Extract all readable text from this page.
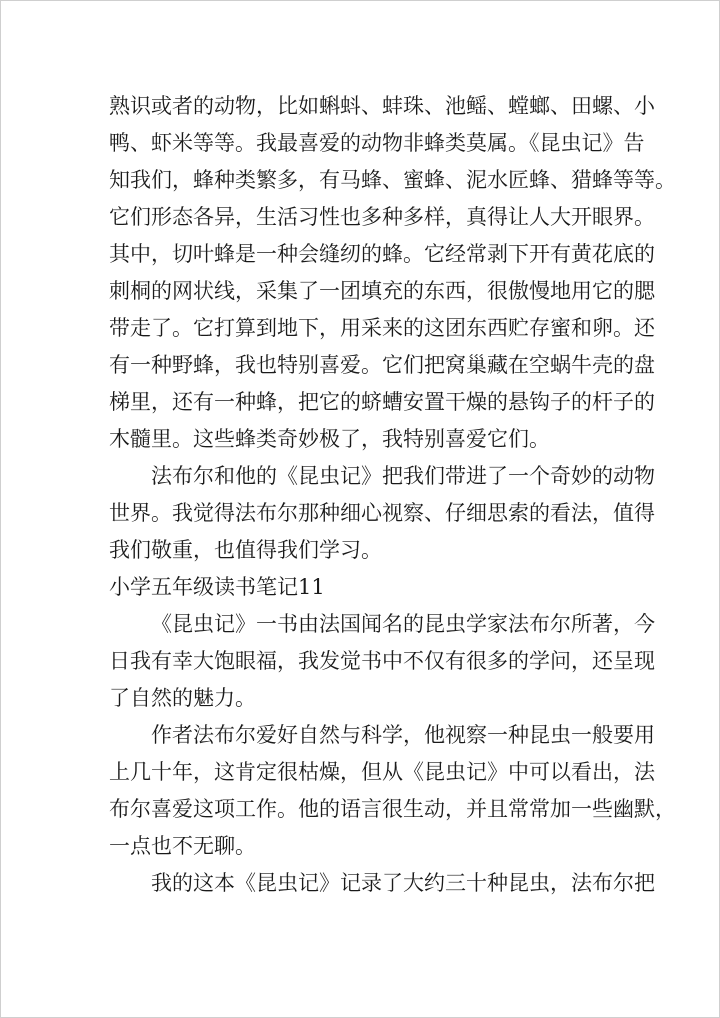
熟识或者的动物，比如蝌蚪、蚌珠、池鳐、螳螂、田螺、小
鸭、虾米等等。我最喜爱的动物非蜂类莫属。《昆虫记》告
知我们，蜂种类繁多，有马蜂、蜜蜂、泥水匠蜂、猎蜂等等。
它们形态各异，生活习性也多种多样，真得让人大开眼界。
其中，切叶蜂是一种会缝纫的蜂。它经常剥下开有黄花底的
刺桐的网状线，采集了一团填充的东西，很傲慢地用它的腮
带走了。它打算到地下，用采来的这团东西贮存蜜和卵。还
有一种野蜂，我也特别喜爱。它们把窝巢藏在空蜗牛壳的盘
梯里，还有一种蜂，把它的蛴螬安置干燥的悬钩子的杆子的
木髓里。这些蜂类奇妙极了，我特别喜爱它们。
法布尔和他的《昆虫记》把我们带进了一个奇妙的动物
世界。我觉得法布尔那种细心视察、仔细思索的看法，值得
我们敬重，也值得我们学习。
小学五年级读书笔记11
《昆虫记》一书由法国闻名的昆虫学家法布尔所著，今
日我有幸大饱眼福，我发觉书中不仅有很多的学问，还呈现
了自然的魅力。
作者法布尔爱好自然与科学，他视察一种昆虫一般要用
上几十年，这肯定很枯燥，但从《昆虫记》中可以看出，法
布尔喜爱这项工作。他的语言很生动，并且常常加一些幽默，
一点也不无聊。
我的这本《昆虫记》记录了大约三十种昆虫，法布尔把
